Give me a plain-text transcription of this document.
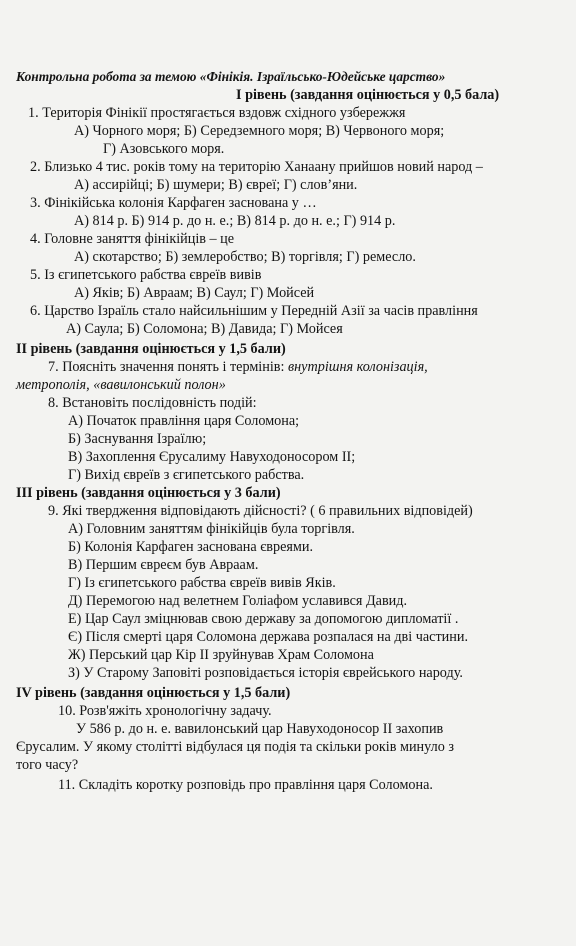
Контрольна робота за темою «Фінікія. Ізраїльсько-Юдейське царство»
І рівень (завдання оцінюється у 0,5 бала)
1. Територія Фінікії простягається вздовж східного узбережжя
А) Чорного моря; Б) Середземного моря; В) Червоного моря;
Г) Азовського моря.
2. Близько 4 тис. років тому на територію Ханаану прийшов новий народ –
А) ассирійці; Б) шумери; В) євреї; Г) слов’яни.
3. Фінікійська колонія Карфаген заснована у …
А) 814 р. Б) 914 р. до н. е.; В) 814 р. до н. е.; Г) 914 р.
4. Головне заняття фінікійців – це
А) скотарство; Б) землеробство; В) торгівля; Г) ремесло.
5. Із єгипетського рабства євреїв вивів
А) Яків; Б) Авраам; В) Саул; Г) Мойсей
6. Царство Ізраїль стало найсильнішим у Передній Азії за часів правління
А) Саула; Б) Соломона; В) Давида; Г) Мойсея
ІІ рівень (завдання оцінюється у 1,5 бали)
7. Поясніть значення понять і термінів: внутрішня колонізація,
метрополія, «вавилонський полон»
8. Встановіть послідовність подій:
А) Початок правління царя Соломона;
Б) Заснування Ізраїлю;
В) Захоплення Єрусалиму Навуходоносором ІІ;
Г) Вихід євреїв з єгипетського рабства.
ІІІ рівень (завдання оцінюється у 3 бали)
9. Які твердження відповідають дійсності? ( 6 правильних відповідей)
А) Головним заняттям фінікійців була торгівля.
Б) Колонія Карфаген заснована євреями.
В) Першим євреєм був Авраам.
Г) Із єгипетського рабства євреїв вивів Яків.
Д) Перемогою над велетнем Голіафом уславився Давид.
Е) Цар Саул зміцнював свою державу за допомогою дипломатії .
Є) Після смерті царя Соломона держава розпалася на дві частини.
Ж) Перський цар Кір ІІ зруйнував Храм Соломона
З) У Старому Заповіті розповідається історія єврейського народу.
ІV рівень (завдання оцінюється у 1,5 бали)
10. Розв'яжіть хронологічну задачу.
У 586 р. до н. е. вавилонський цар Навуходоносор ІІ захопив
Єрусалим. У якому столітті відбулася ця подія та скільки років минуло з
того часу?
11. Складіть коротку розповідь про правління царя Соломона.
